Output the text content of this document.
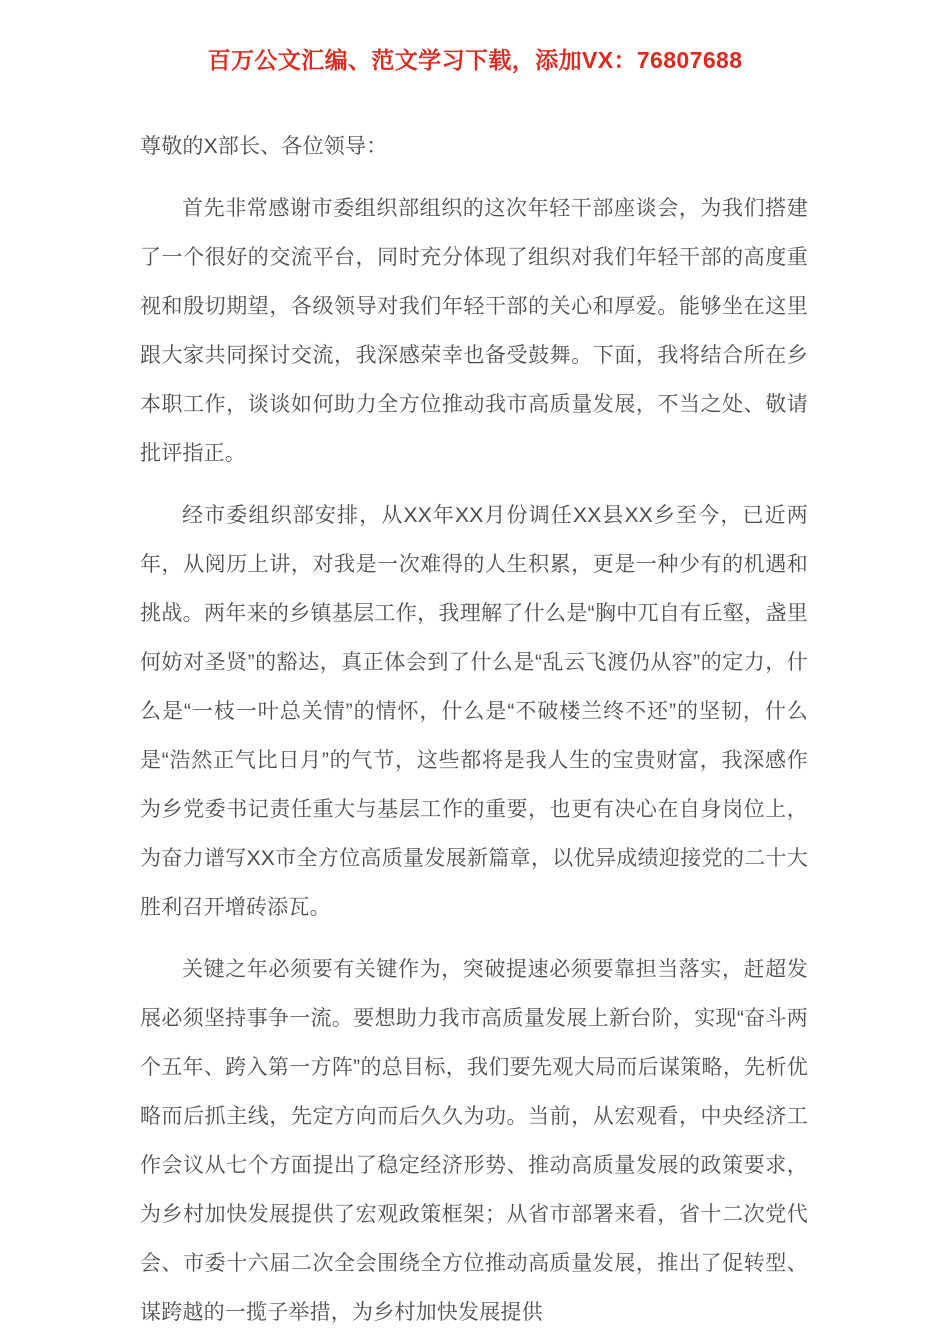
百万公文汇编、范文学习下载，添加VX：76807688

尊敬的X部长、各位领导：

首先非常感谢市委组织部组织的这次年轻干部座谈会，为我们搭建了一个很好的交流平台，同时充分体现了组织对我们年轻干部的高度重视和殷切期望，各级领导对我们年轻干部的关心和厚爱。能够坐在这里跟大家共同探讨交流，我深感荣幸也备受鼓舞。下面，我将结合所在乡本职工作，谈谈如何助力全方位推动我市高质量发展，不当之处、敬请批评指正。

经市委组织部安排，从XX年XX月份调任XX县XX乡至今，已近两年，从阅历上讲，对我是一次难得的人生积累，更是一种少有的机遇和挑战。两年来的乡镇基层工作，我理解了什么是“胸中兀自有丘壑，盏里何妨对圣贤”的豁达，真正体会到了什么是“乱云飞渡仍从容”的定力，什么是“一枝一叶总关情”的情怀，什么是“不破楼兰终不还”的坚韧，什么是“浩然正气比日月”的气节，这些都将是我人生的宝贵财富，我深感作为乡党委书记责任重大与基层工作的重要，也更有决心在自身岗位上，为奋力谱写XX市全方位高质量发展新篇章，以优异成绩迎接党的二十大胜利召开增砖添瓦。

关键之年必须要有关键作为，突破提速必须要靠担当落实，赶超发展必须坚持事争一流。要想助力我市高质量发展上新台阶，实现“奋斗两个五年、跨入第一方阵”的总目标，我们要先观大局而后谋策略，先析优略而后抓主线，先定方向而后久久为功。当前，从宏观看，中央经济工作会议从七个方面提出了稳定经济形势、推动高质量发展的政策要求，为乡村加快发展提供了宏观政策框架；从省市部署来看，省十二次党代会、市委十六届二次全会围绕全方位推动高质量发展，推出了促转型、谋跨越的一揽子举措，为乡村加快发展提供
